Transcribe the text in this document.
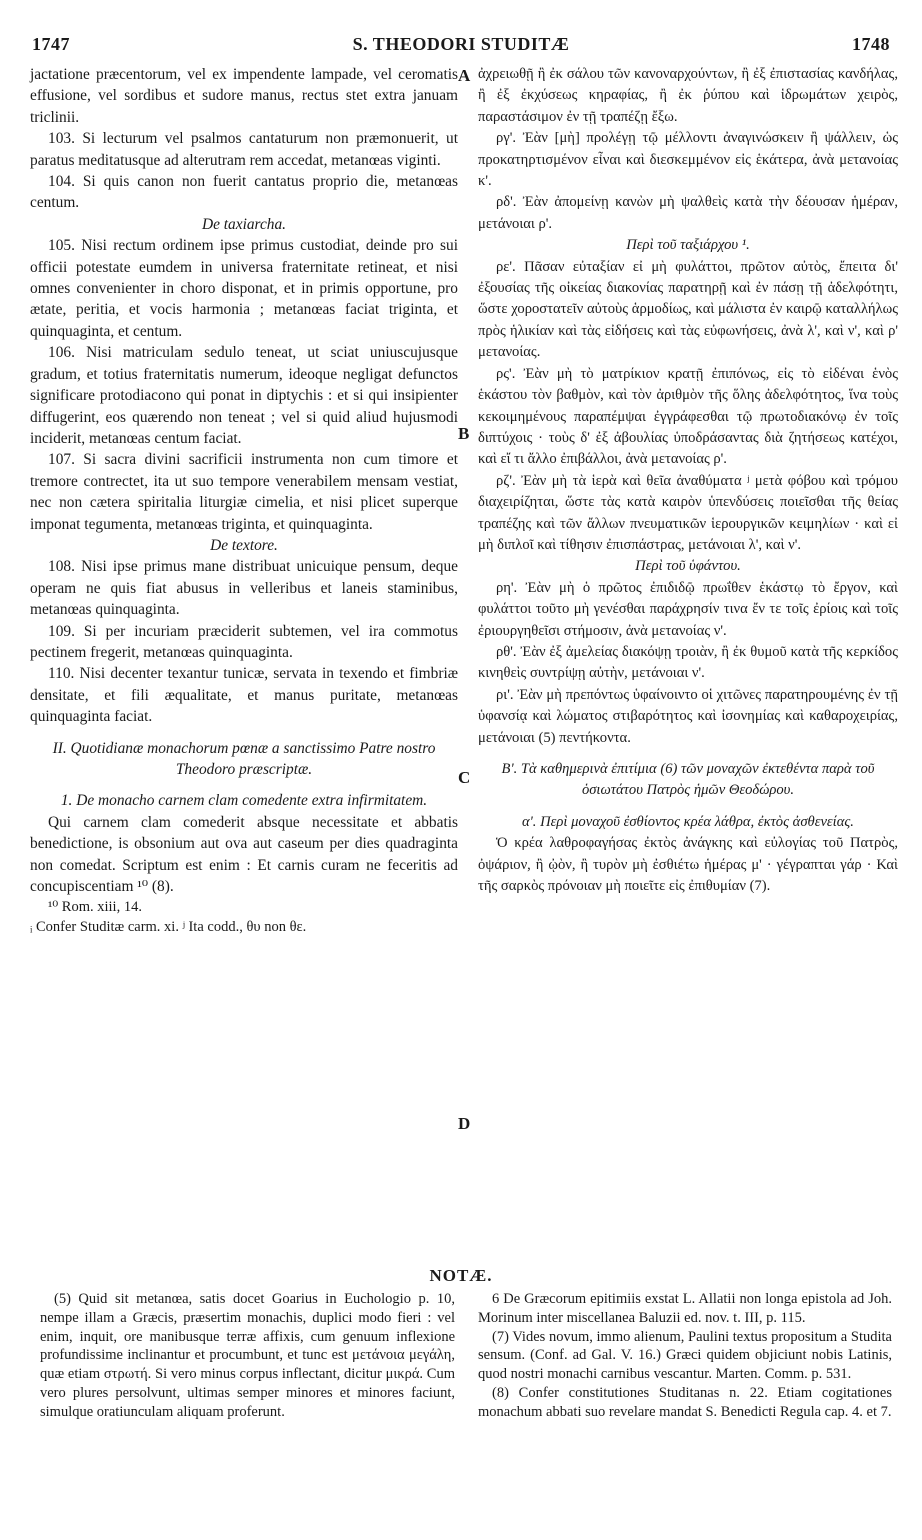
1747	S. THEODORI STUDITÆ	1748
A
B
C
D

jactatione præcentorum, vel ex impendente lampade, vel ceromatis effusione, vel sordibus et sudore manus, rectus stet extra januam triclinii.

103. Si lecturum vel psalmos cantaturum non præmonuerit, ut paratus meditatusque ad alterutram rem accedat, metanœas viginti.

104. Si quis canon non fuerit cantatus proprio die, metanœas centum.

De taxiarcha.

105. Nisi rectum ordinem ipse primus custodiat, deinde pro sui officii potestate eumdem in universa fraternitate retineat, et nisi omnes convenienter in choro disponat, et in primis opportune, pro ætate, peritia, et vocis harmonia ; metanœas faciat triginta, et quinquaginta, et centum.

106. Nisi matriculam sedulo teneat, ut sciat uniuscujusque gradum, et totius fraternitatis numerum, ideoque negligat defunctos significare protodiacono qui ponat in diptychis : et si qui insipienter diffugerint, eos quærendo non teneat ; vel si quid aliud hujusmodi inciderit, metanœas centum faciat.

107. Si sacra divini sacrificii instrumenta non cum timore et tremore contrectet, ita ut suo tempore venerabilem mensam vestiat, nec non cætera spiritalia liturgiæ cimelia, et nisi plicet superque imponat tegumenta, metanœas triginta, et quinquaginta.

De textore.

108. Nisi ipse primus mane distribuat unicuique pensum, deque operam ne quis fiat abusus in velleribus et laneis staminibus, metanœas quinquaginta.

109. Si per incuriam præciderit subtemen, vel ira commotus pectinem fregerit, metanœas quinquaginta.

110. Nisi decenter texantur tunicæ, servata in texendo et fimbriæ densitate, et fili æqualitate, et manus puritate, metanœas quinquaginta faciat.

II. Quotidianæ monachorum pœnæ a sanctissimo Patre nostro Theodoro præscriptæ.

1. De monacho carnem clam comedente extra infirmitatem.

Qui carnem clam comederit absque necessitate et abbatis benedictione, is obsonium aut ova aut caseum per dies quadraginta non comedat. Scriptum est enim : Et carnis curam ne feceritis ad concupiscentiam ¹⁰ (8).

¹⁰ Rom. xiii, 14.

ᵢ Confer Studitæ carm. xi. ʲ Ita codd., θυ non θε.

ἀχρειωθῇ ἢ ἐκ σάλου τῶν κανοναρχούντων, ἢ ἐξ ἐπιστασίας κανδήλας, ἢ ἐξ ἐκχύσεως κηραφίας, ἢ ἐκ ῥύπου καὶ ἱδρωμάτων χειρὸς, παραστάσιμον ἐν τῇ τραπέζῃ ἔξω.

ργ'. Ἐὰν [μὴ] προλέγῃ τῷ μέλλοντι ἀναγινώσκειν ἢ ψάλλειν, ὡς προκατηρτισμένον εἶναι καὶ διεσκεμμένον εἰς ἑκάτερα, ἀνὰ μετανοίας κ'.

ρδ'. Ἐὰν ἀπομείνῃ κανὼν μὴ ψαλθεὶς κατὰ τὴν δέουσαν ἡμέραν, μετάνοιαι ρ'.

Περὶ τοῦ ταξιάρχου ¹.

ρε'. Πᾶσαν εὐταξίαν εἰ μὴ φυλάττοι, πρῶτον αὐτὸς, ἔπειτα δι' ἐξουσίας τῆς οἰκείας διακονίας παρατηρῇ καὶ ἐν πάσῃ τῇ ἀδελφότητι, ὥστε χοροστατεῖν αὐτοὺς ἁρμοδίως, καὶ μάλιστα ἐν καιρῷ καταλλήλως πρὸς ἡλικίαν καὶ τὰς εἰδήσεις καὶ τὰς εὐφωνήσεις, ἀνὰ λ', καὶ ν', καὶ ρ' μετανοίας.

ρς'. Ἐὰν μὴ τὸ ματρίκιον κρατῇ ἐπιπόνως, εἰς τὸ εἰδέναι ἑνὸς ἑκάστου τὸν βαθμὸν, καὶ τὸν ἀριθμὸν τῆς ὅλης ἀδελφότητος, ἵνα τοὺς κεκοιμημένους παραπέμψαι ἐγγράφεσθαι τῷ πρωτοδιακόνῳ ἐν τοῖς διπτύχοις · τοὺς δ' ἐξ ἀβουλίας ὑποδράσαντας διὰ ζητήσεως κατέχοι, καὶ εἴ τι ἄλλο ἐπιβάλλοι, ἀνὰ μετανοίας ρ'.

ρζ'. Ἐὰν μὴ τὰ ἱερὰ καὶ θεῖα ἀναθύματα ʲ μετὰ φόβου καὶ τρόμου διαχειρίζηται, ὥστε τὰς κατὰ καιρὸν ὑπενδύσεις ποιεῖσθαι τῆς θείας τραπέζης καὶ τῶν ἄλλων πνευματικῶν ἱερουργικῶν κειμηλίων · καὶ εἰ μὴ διπλοῖ καὶ τίθησιν ἐπισπάστρας, μετάνοιαι λ', καὶ ν'.

Περὶ τοῦ ὑφάντου.

ρη'. Ἐὰν μὴ ὁ πρῶτος ἐπιδιδῷ πρωΐθεν ἑκάστῳ τὸ ἔργον, καὶ φυλάττοι τοῦτο μὴ γενέσθαι παράχρησίν τινα ἔν τε τοῖς ἐρίοις καὶ τοῖς ἐριουργηθεῖσι στήμοσιν, ἀνὰ μετανοίας ν'.

ρθ'. Ἐὰν ἐξ ἀμελείας διακόψῃ τροιὰν, ἢ ἐκ θυμοῦ κατὰ τῆς κερκίδος κινηθεὶς συντρίψῃ αὐτὴν, μετάνοιαι ν'.

ρι'. Ἐὰν μὴ πρεπόντως ὑφαίνοιντο οἱ χιτῶνες παρατηρουμένης ἐν τῇ ὑφανσίᾳ καὶ λώματος στιβαρότητος καὶ ἰσονημίας καὶ καθαροχειρίας, μετάνοιαι (5) πεντήκοντα.

Β'. Τὰ καθημερινὰ ἐπιτίμια (6) τῶν μοναχῶν ἐκτεθέντα παρὰ τοῦ ὁσιωτάτου Πατρὸς ἡμῶν Θεοδώρου.

α'. Περὶ μοναχοῦ ἐσθίοντος κρέα λάθρα, ἐκτὸς ἀσθενείας.

Ὁ κρέα λαθροφαγήσας ἐκτὸς ἀνάγκης καὶ εὐλογίας τοῦ Πατρὸς, ὀψάριον, ἢ ᾠὸν, ἢ τυρὸν μὴ ἐσθιέτω ἡμέρας μ' · γέγραπται γάρ · Καὶ τῆς σαρκὸς πρόνοιαν μὴ ποιεῖτε εἰς ἐπιθυμίαν (7).

NOTÆ.

(5) Quid sit metanœa, satis docet Goarius in Euchologio p. 10, nempe illam a Græcis, præsertim monachis, duplici modo fieri : vel enim, inquit, ore manibusque terræ affixis, cum genuum inflexione profundissime inclinantur et procumbunt, et tunc est μετάνοια μεγάλη, quæ etiam στρωτή. Si vero minus corpus inflectant, dicitur μικρά. Cum vero plures persolvunt, ultimas semper minores et minores faciunt, simulque oratiunculam aliquam proferunt.

6 De Græcorum epitimiis exstat L. Allatii non longa epistola ad Joh. Morinum inter miscellanea Baluzii ed. nov. t. III, p. 115.

(7) Vides novum, immo alienum, Paulini textus propositum a Studita sensum. (Conf. ad Gal. V. 16.) Græci quidem objiciunt nobis Latinis, quod nostri monachi carnibus vescantur. Marten. Comm. p. 531.

(8) Confer constitutiones Studitanas n. 22. Etiam cogitationes monachum abbati suo revelare mandat S. Benedicti Regula cap. 4. et 7.
